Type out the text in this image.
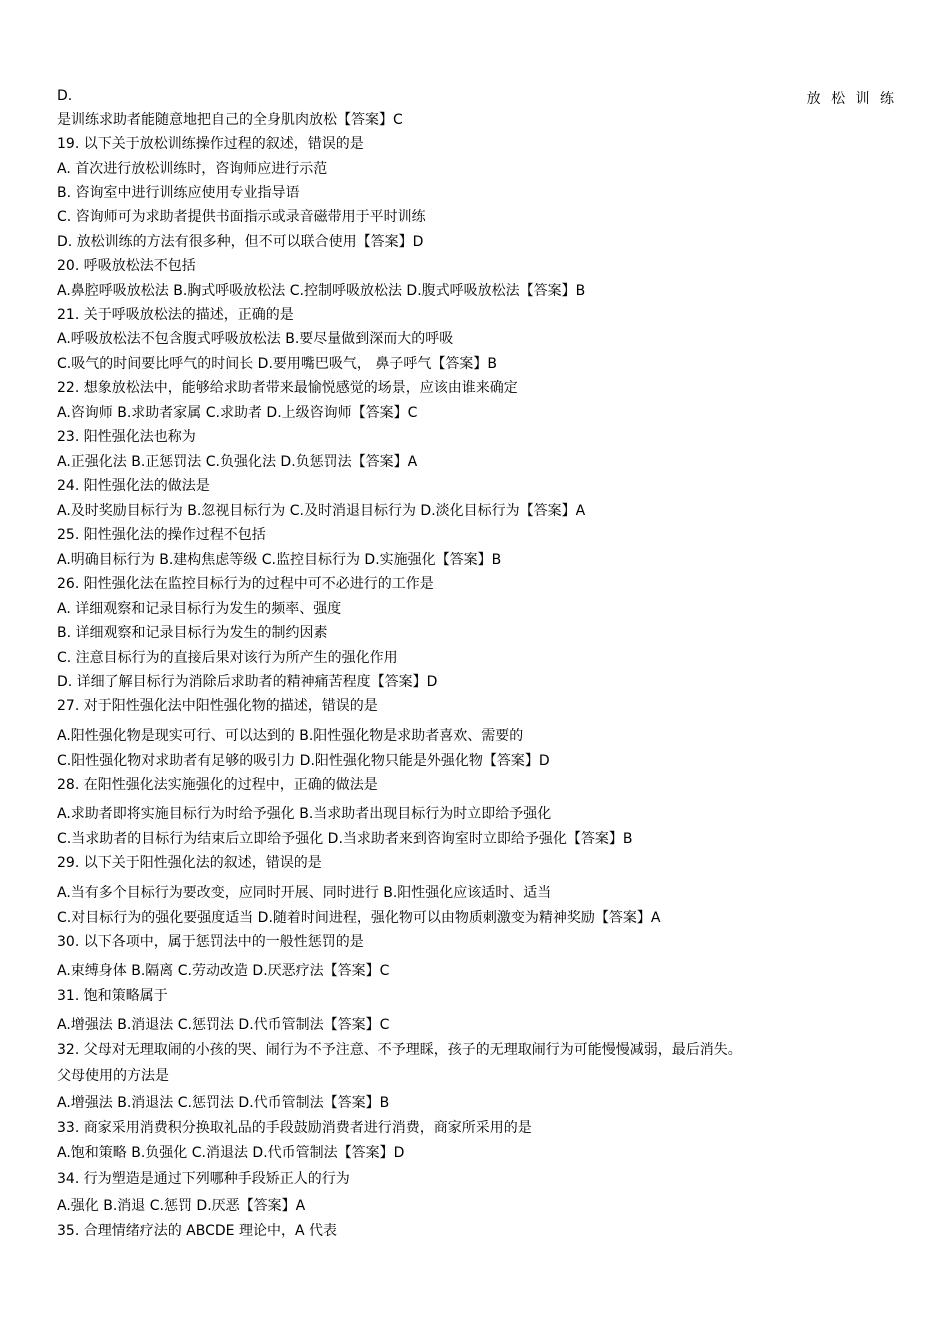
D.	放 松 训 练
是训练求助者能随意地把自己的全身肌肉放松【答案】C
19. 以下关于放松训练操作过程的叙述，错误的是
A. 首次进行放松训练时，咨询师应进行示范
B. 咨询室中进行训练应使用专业指导语
C. 咨询师可为求助者提供书面指示或录音磁带用于平时训练
D. 放松训练的方法有很多种，但不可以联合使用【答案】D
20. 呼吸放松法不包括
A.鼻腔呼吸放松法 B.胸式呼吸放松法 C.控制呼吸放松法 D.腹式呼吸放松法【答案】B
21. 关于呼吸放松法的描述，正确的是
A.呼吸放松法不包含腹式呼吸放松法 B.要尽量做到深而大的呼吸
C.吸气的时间要比呼气的时间长 D.要用嘴巴吸气， 鼻子呼气【答案】B
22. 想象放松法中，能够给求助者带来最愉悦感觉的场景，应该由谁来确定
A.咨询师 B.求助者家属 C.求助者 D.上级咨询师【答案】C
23. 阳性强化法也称为
A.正强化法 B.正惩罚法 C.负强化法 D.负惩罚法【答案】A
24. 阳性强化法的做法是
A.及时奖励目标行为 B.忽视目标行为 C.及时消退目标行为 D.淡化目标行为【答案】A
25. 阳性强化法的操作过程不包括
A.明确目标行为 B.建构焦虑等级 C.监控目标行为 D.实施强化【答案】B
26. 阳性强化法在监控目标行为的过程中可不必进行的工作是
A. 详细观察和记录目标行为发生的频率、强度
B. 详细观察和记录目标行为发生的制约因素
C. 注意目标行为的直接后果对该行为所产生的强化作用
D. 详细了解目标行为消除后求助者的精神痛苦程度【答案】D
27. 对于阳性强化法中阳性强化物的描述，错误的是
A.阳性强化物是现实可行、可以达到的 B.阳性强化物是求助者喜欢、需要的
C.阳性强化物对求助者有足够的吸引力 D.阳性强化物只能是外强化物【答案】D
28. 在阳性强化法实施强化的过程中，正确的做法是
A.求助者即将实施目标行为时给予强化 B.当求助者出现目标行为时立即给予强化
C.当求助者的目标行为结束后立即给予强化 D.当求助者来到咨询室时立即给予强化【答案】B
29. 以下关于阳性强化法的叙述，错误的是
A.当有多个目标行为要改变，应同时开展、同时进行 B.阳性强化应该适时、适当
C.对目标行为的强化要强度适当 D.随着时间进程，强化物可以由物质刺激变为精神奖励【答案】A
30. 以下各项中，属于惩罚法中的一般性惩罚的是
A.束缚身体 B.隔离 C.劳动改造 D.厌恶疗法【答案】C
31. 饱和策略属于
A.增强法 B.消退法 C.惩罚法 D.代币管制法【答案】C
32. 父母对无理取闹的小孩的哭、闹行为不予注意、不予理睬，孩子的无理取闹行为可能慢慢减弱，最后消失。
父母使用的方法是
A.增强法 B.消退法 C.惩罚法 D.代币管制法【答案】B
33. 商家采用消费积分换取礼品的手段鼓励消费者进行消费，商家所采用的是
A.饱和策略 B.负强化 C.消退法 D.代币管制法【答案】D
34. 行为塑造是通过下列哪种手段矫正人的行为
A.强化 B.消退 C.惩罚 D.厌恶【答案】A
35. 合理情绪疗法的 ABCDE 理论中，A 代表
